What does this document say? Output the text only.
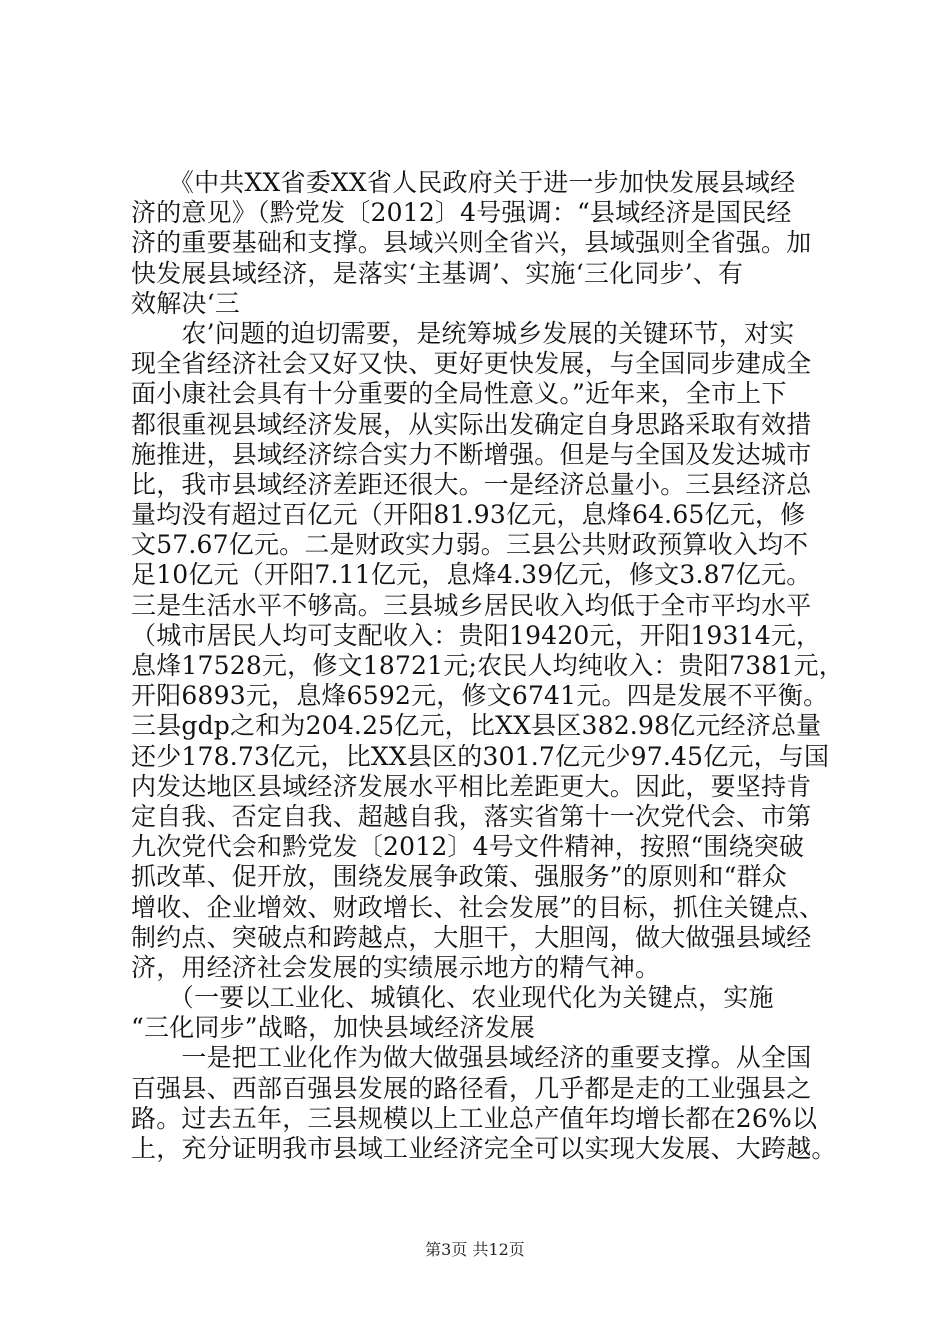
　　《中共XX省委XX省人民政府关于进一步加快发展县域经
济的意见》（黔党发〔2012〕4号强调：“县域经济是国民经
济的重要基础和支撑。县域兴则全省兴，县域强则全省强。加
快发展县域经济，是落实‘主基调’、实施‘三化同步’、有
效解决‘三
　　农’问题的迫切需要，是统筹城乡发展的关键环节，对实
现全省经济社会又好又快、更好更快发展，与全国同步建成全
面小康社会具有十分重要的全局性意义。”近年来，全市上下
都很重视县域经济发展，从实际出发确定自身思路采取有效措
施推进，县域经济综合实力不断增强。但是与全国及发达城市
比，我市县域经济差距还很大。一是经济总量小。三县经济总
量均没有超过百亿元（开阳81.93亿元，息烽64.65亿元，修
文57.67亿元。二是财政实力弱。三县公共财政预算收入均不
足10亿元（开阳7.11亿元，息烽4.39亿元，修文3.87亿元。
三是生活水平不够高。三县城乡居民收入均低于全市平均水平
（城市居民人均可支配收入：贵阳19420元，开阳19314元，
息烽17528元，修文18721元;农民人均纯收入：贵阳7381元，
开阳6893元，息烽6592元，修文6741元。四是发展不平衡。
三县gdp之和为204.25亿元，比XX县区382.98亿元经济总量
还少178.73亿元，比XX县区的301.7亿元少97.45亿元，与国
内发达地区县域经济发展水平相比差距更大。因此，要坚持肯
定自我、否定自我、超越自我，落实省第十一次党代会、市第
九次党代会和黔党发〔2012〕4号文件精神，按照“围绕突破
抓改革、促开放，围绕发展争政策、强服务”的原则和“群众
增收、企业增效、财政增长、社会发展”的目标，抓住关键点、
制约点、突破点和跨越点，大胆干，大胆闯，做大做强县域经
济，用经济社会发展的实绩展示地方的精气神。
　　（一要以工业化、城镇化、农业现代化为关键点，实施
“三化同步”战略，加快县域经济发展
　　一是把工业化作为做大做强县域经济的重要支撑。从全国
百强县、西部百强县发展的路径看，几乎都是走的工业强县之
路。过去五年，三县规模以上工业总产值年均增长都在26%以
上，充分证明我市县域工业经济完全可以实现大发展、大跨越。
第3页 共12页
